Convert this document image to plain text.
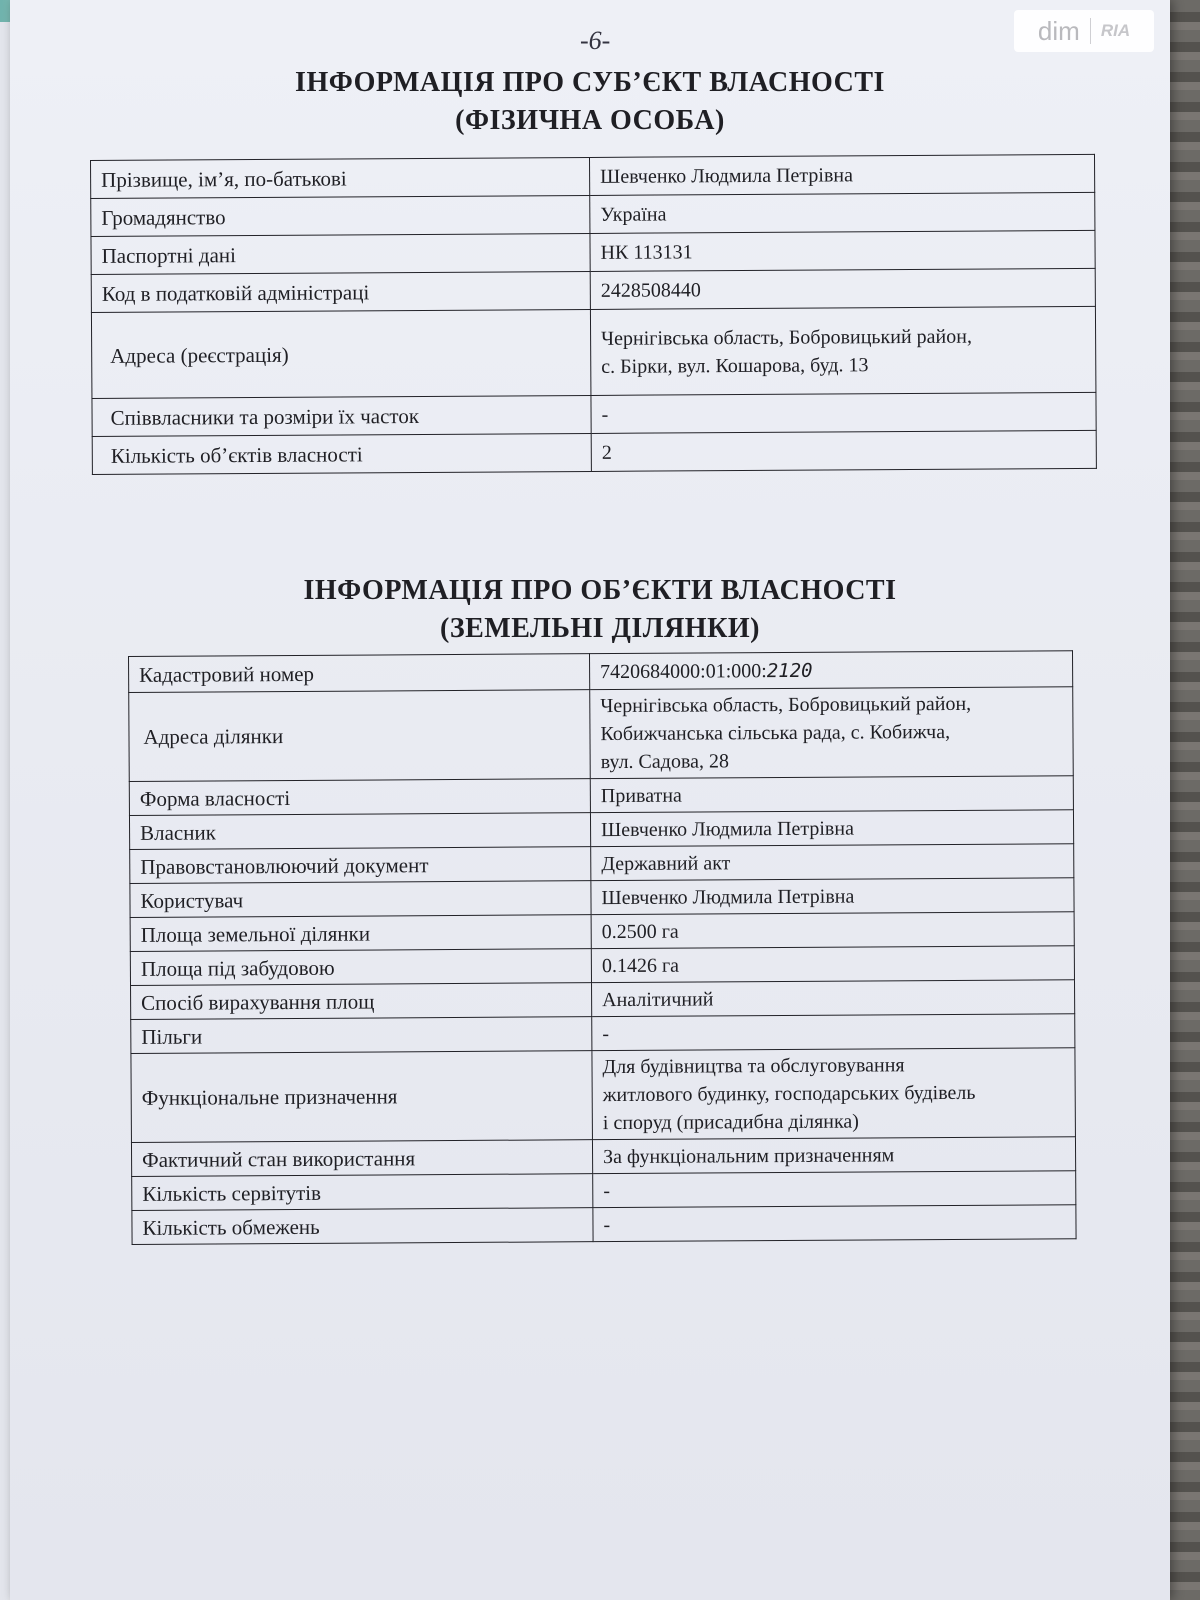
-6-	dim RIA
ІНФОРМАЦІЯ ПРО СУБ’ЄКТ ВЛАСНОСТІ
(ФІЗИЧНА ОСОБА)
Прізвище, ім’я, по-батькові	Шевченко Людмила Петрівна
Громадянство	Україна
Паспортні дані	НК 113131
Код в податковій адміністраці	2428508440
Адреса (реєстрація)	Чернігівська область, Бобровицький район,
с. Бірки, вул. Кошарова, буд. 13

Співвласники та розміри їх часток	-
Кількість об’єктів власності	2
ІНФОРМАЦІЯ ПРО ОБ’ЄКТИ ВЛАСНОСТІ
(ЗЕМЕЛЬНІ ДІЛЯНКИ)
Кадастровий номер	7420684000:01:000:2120
Адреса ділянки	Чернігівська область, Бобровицький район,
Кобижчанська сільська рада, с. Кобижча,
вул. Садова, 28

Форма власності	Приватна
Власник	Шевченко Людмила Петрівна
Правовстановлюючий документ	Державний акт
Користувач	Шевченко Людмила Петрівна
Площа земельної ділянки	0.2500 га
Площа під забудовою	0.1426 га
Спосіб вирахування площ	Аналітичний
Пільги	-
Функціональне призначення	Для будівництва та обслуговування
житлового будинку, господарських будівель
і споруд (присадибна ділянка)

Фактичний стан використання	За функціональним призначенням
Кількість сервітутів	-
Кількість обмежень	-
